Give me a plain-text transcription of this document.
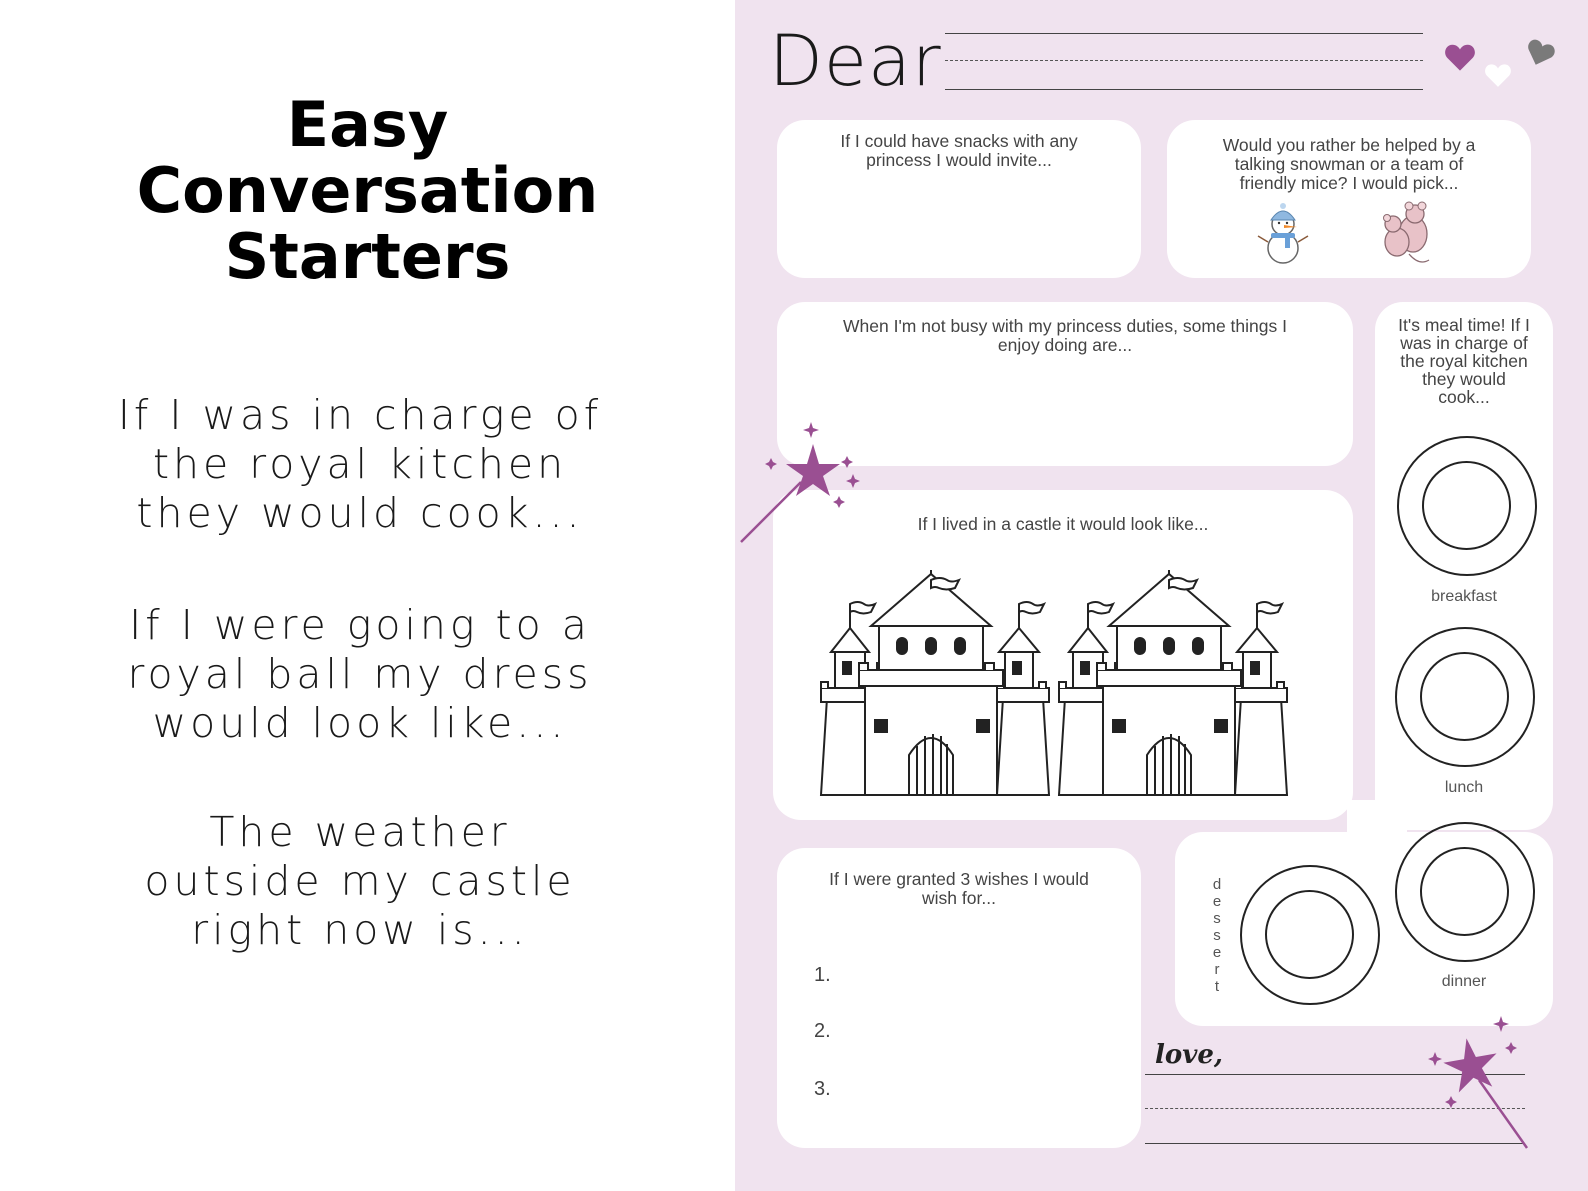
Easy
Conversation
Starters
If I was in charge of
the royal kitchen
they would cook...
If I were going to a
royal ball my dress
would look like...
The weather
outside my castle
right now is...
Dear
If I could have snacks with any
princess I would invite...
Would you rather be helped by a
talking snowman or a team of
friendly mice? I would pick...
When I'm not busy with my princess duties, some things I
enjoy doing are...
It's meal time! If I
was in charge of
the royal kitchen
they would
cook...
breakfast
lunch
dinner
d
e
s
s
e
r
t
If I lived in a castle it would look like...
If I were granted 3 wishes I would
wish for...
1.
2.
3.
love,
